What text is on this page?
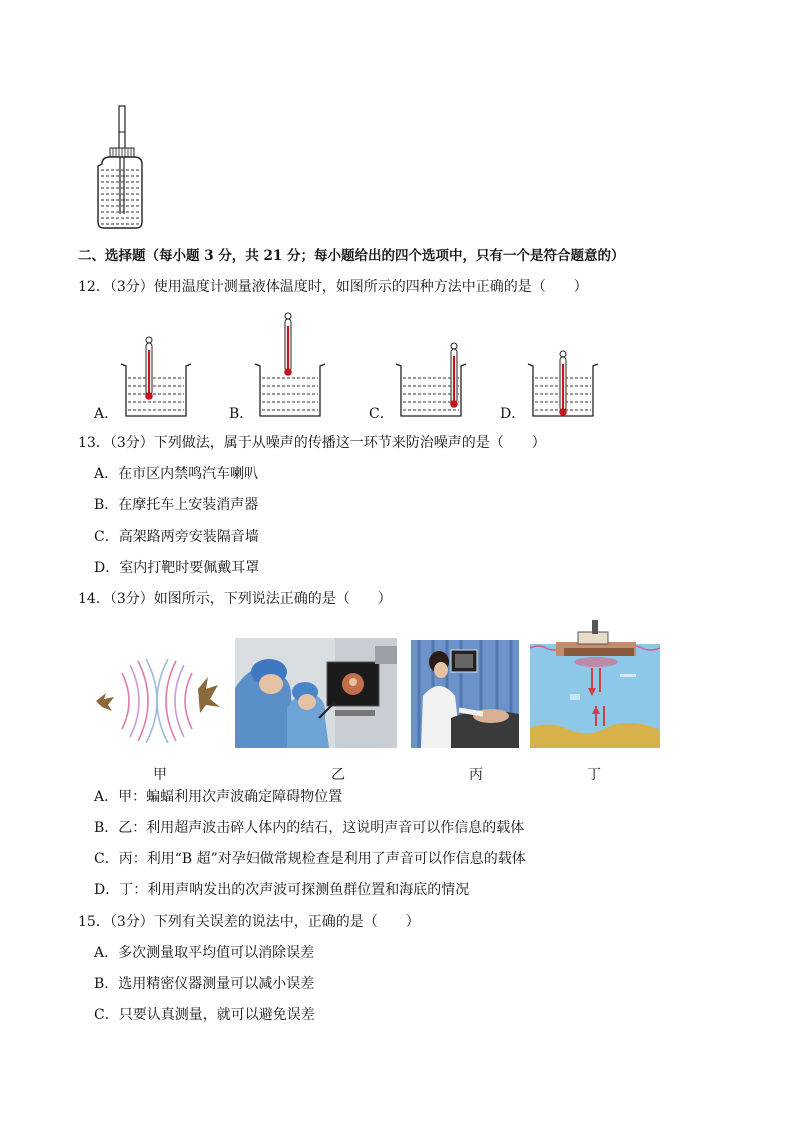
二、选择题（每小题 3 分，共 21 分；每小题给出的四个选项中，只有一个是符合题意的）
12．（3分）使用温度计测量液体温度时，如图所示的四种方法中正确的是（　　）
A．	B．	C．	D．
13．（3分）下列做法，属于从噪声的传播这一环节来防治噪声的是（　　）
A．在市区内禁鸣汽车喇叭
B．在摩托车上安装消声器
C．高架路两旁安装隔音墙
D．室内打靶时要佩戴耳罩
14．（3分）如图所示，下列说法正确的是（　　）
甲	乙	丙	丁
A．甲：蝙蝠利用次声波确定障碍物位置
B．乙：利用超声波击碎人体内的结石，这说明声音可以作信息的载体
C．丙：利用“B 超”对孕妇做常规检查是利用了声音可以作信息的载体
D．丁：利用声呐发出的次声波可探测鱼群位置和海底的情况
15．（3分）下列有关误差的说法中，正确的是（　　）
A．多次测量取平均值可以消除误差
B．选用精密仪器测量可以减小误差
C．只要认真测量，就可以避免误差
